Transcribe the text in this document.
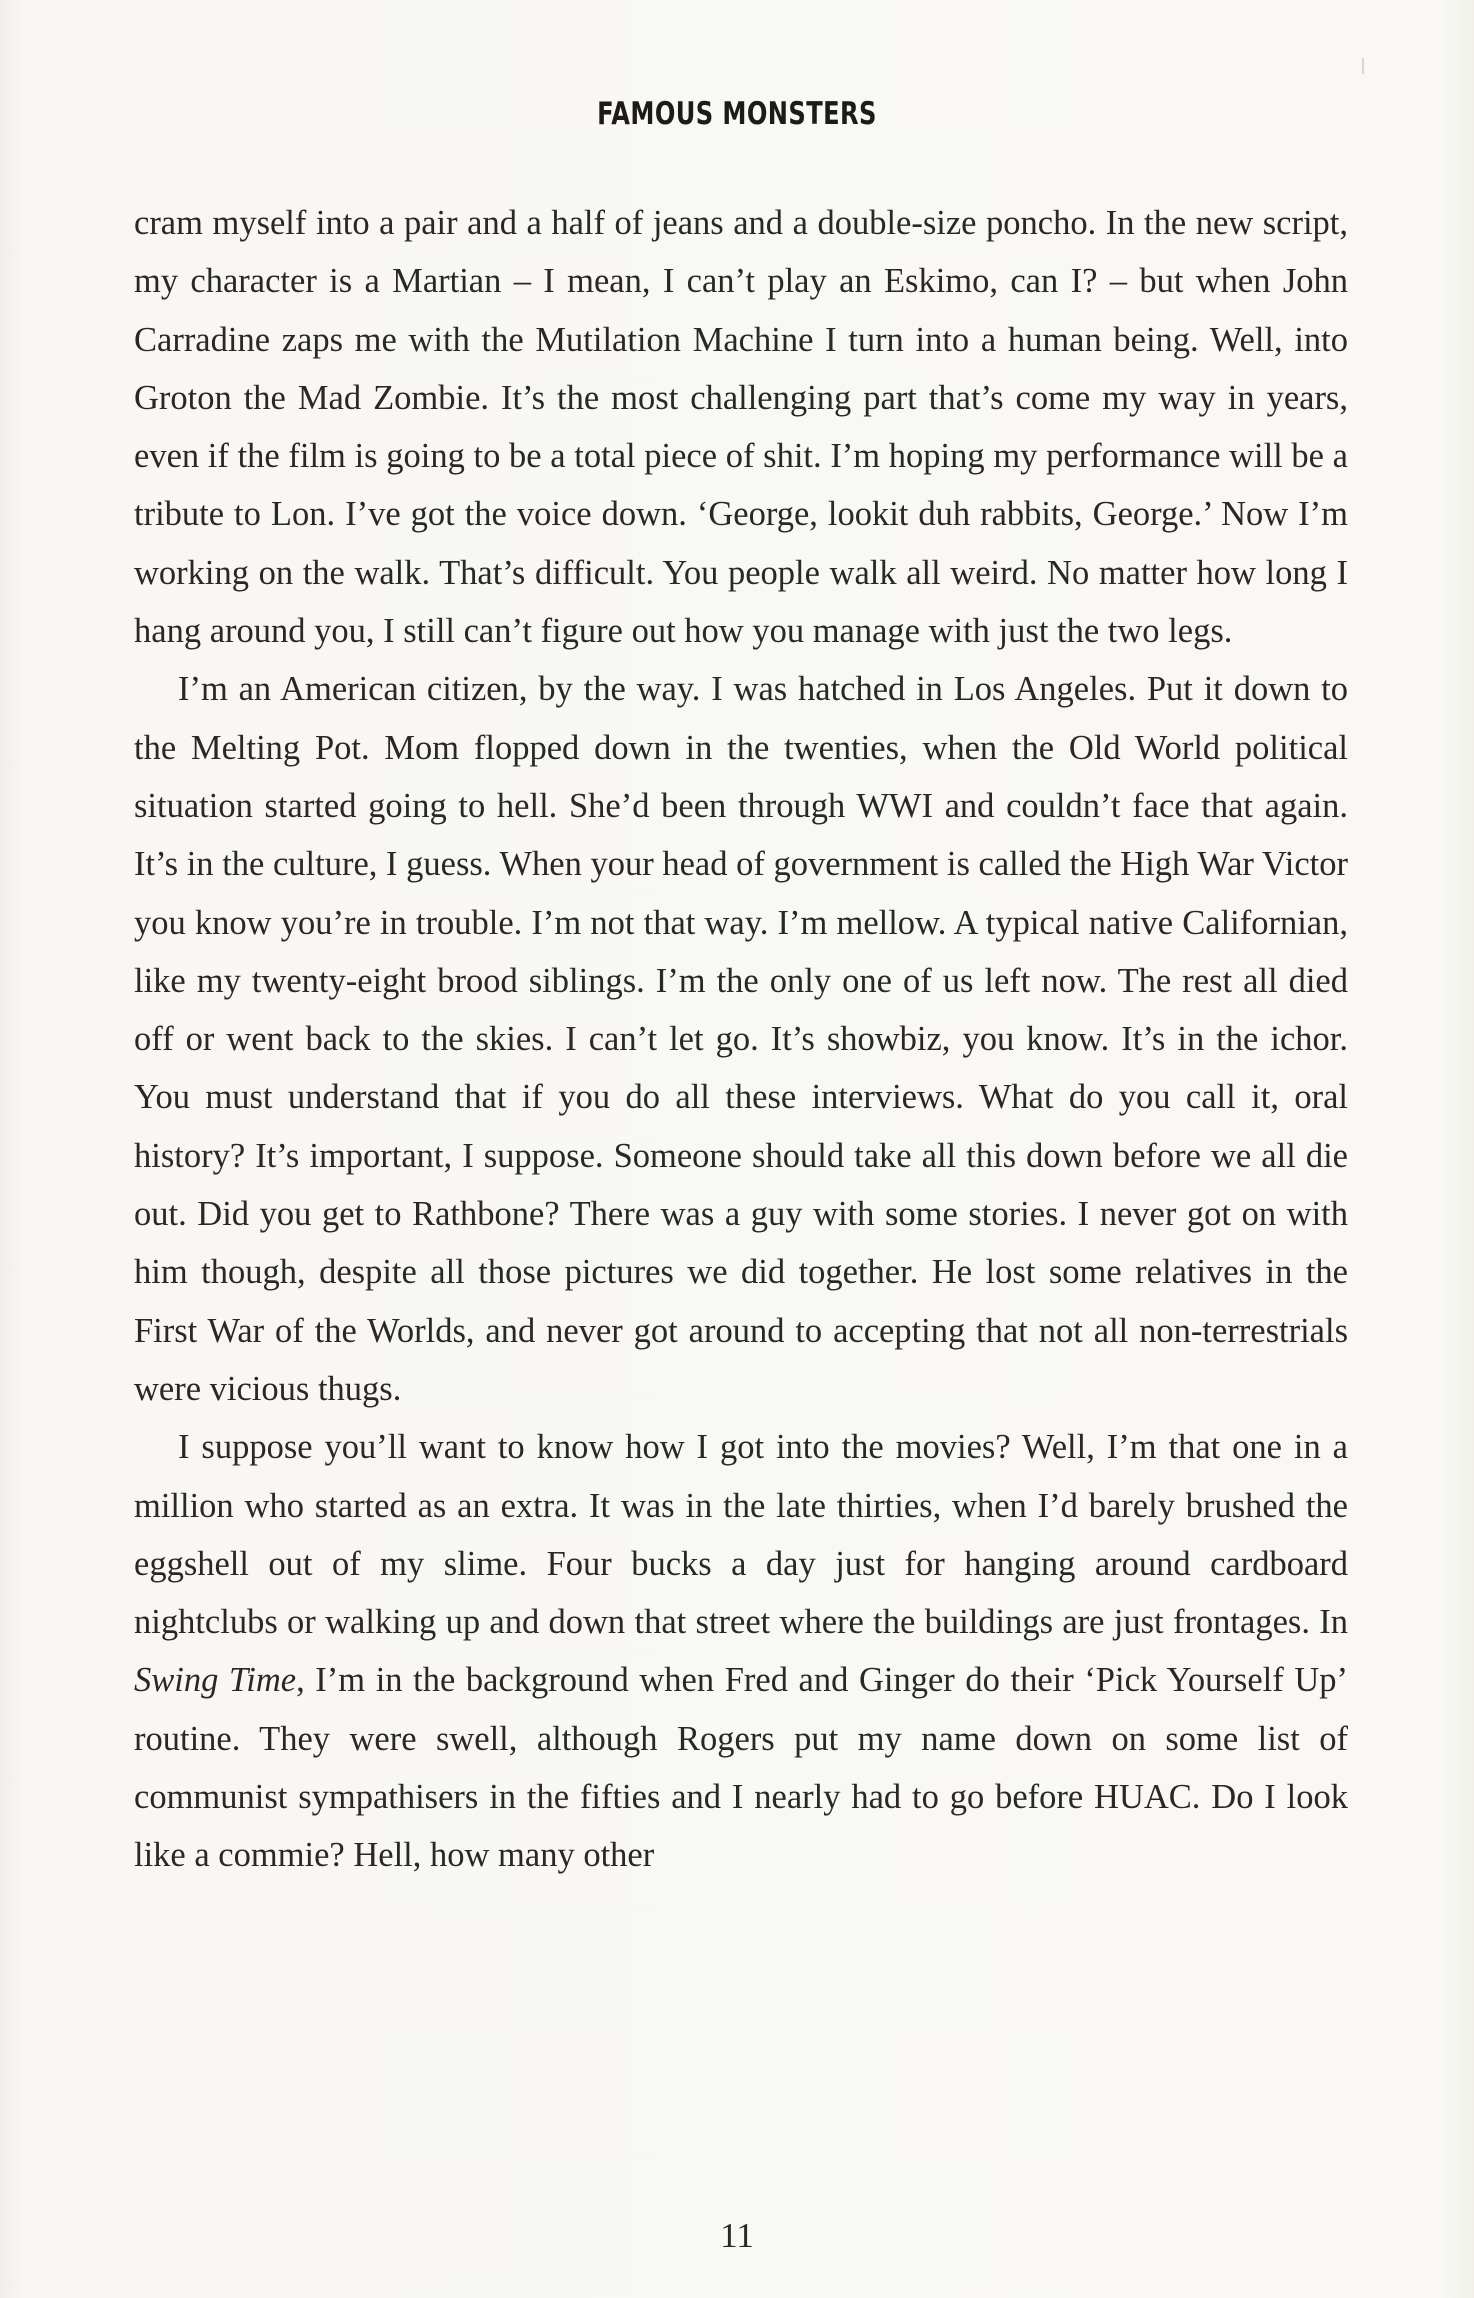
FAMOUS MONSTERS

cram myself into a pair and a half of jeans and a double-size poncho. In the new script, my character is a Martian – I mean, I can’t play an Eskimo, can I? – but when John Carradine zaps me with the Mutilation Machine I turn into a human being. Well, into Groton the Mad Zombie. It’s the most challenging part that’s come my way in years, even if the film is going to be a total piece of shit. I’m hoping my performance will be a tribute to Lon. I’ve got the voice down. ‘George, lookit duh rabbits, George.’ Now I’m working on the walk. That’s difficult. You people walk all weird. No matter how long I hang around you, I still can’t figure out how you manage with just the two legs.

I’m an American citizen, by the way. I was hatched in Los Angeles. Put it down to the Melting Pot. Mom flopped down in the twenties, when the Old World political situation started going to hell. She’d been through WWI and couldn’t face that again. It’s in the culture, I guess. When your head of government is called the High War Victor you know you’re in trouble. I’m not that way. I’m mellow. A typical native Californian, like my twenty-eight brood siblings. I’m the only one of us left now. The rest all died off or went back to the skies. I can’t let go. It’s showbiz, you know. It’s in the ichor. You must understand that if you do all these interviews. What do you call it, oral history? It’s important, I suppose. Someone should take all this down before we all die out. Did you get to Rathbone? There was a guy with some stories. I never got on with him though, despite all those pictures we did together. He lost some relatives in the First War of the Worlds, and never got around to accepting that not all non-terrestrials were vicious thugs.

I suppose you’ll want to know how I got into the movies? Well, I’m that one in a million who started as an extra. It was in the late thirties, when I’d barely brushed the eggshell out of my slime. Four bucks a day just for hanging around cardboard nightclubs or walking up and down that street where the buildings are just frontages. In Swing Time, I’m in the background when Fred and Ginger do their ‘Pick Yourself Up’ routine. They were swell, although Rogers put my name down on some list of communist sympathisers in the fifties and I nearly had to go before HUAC. Do I look like a commie? Hell, how many other

11
